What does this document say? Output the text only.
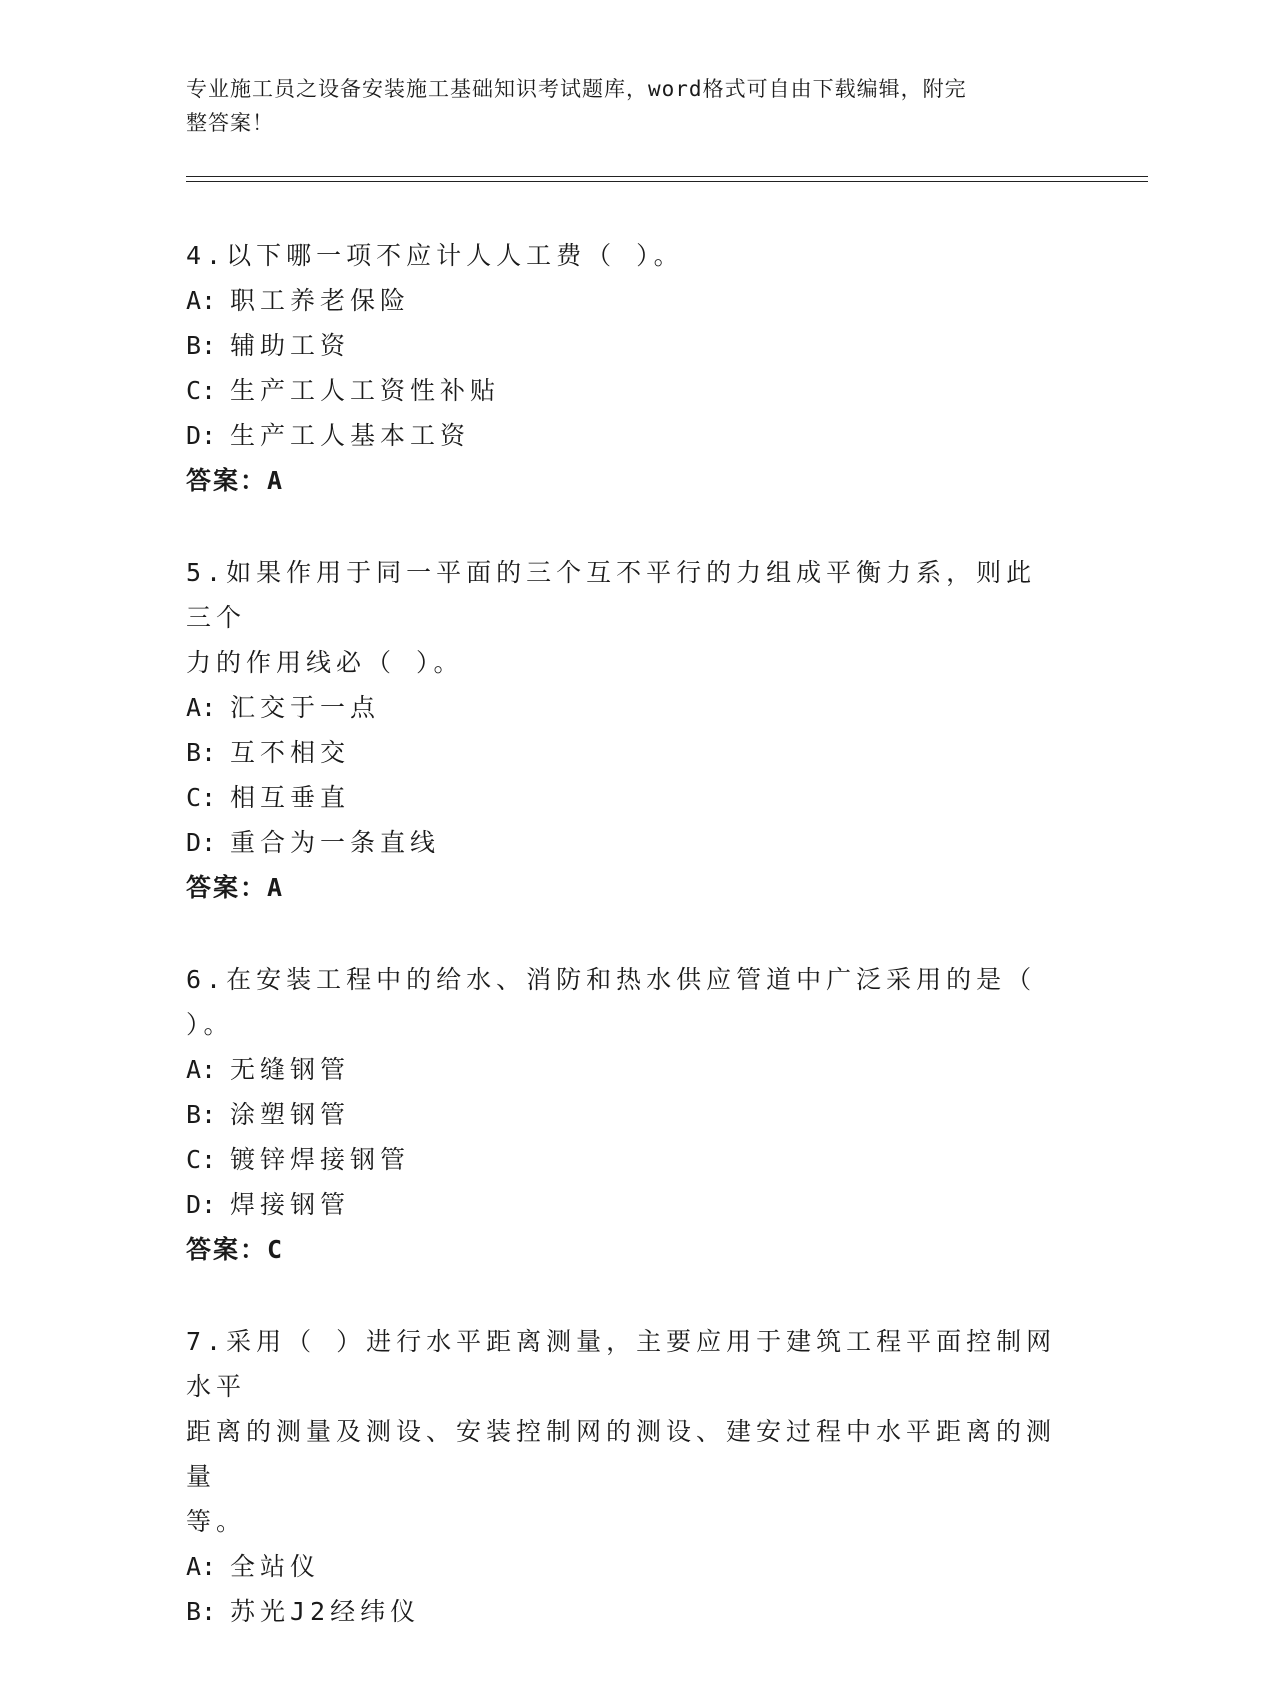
专业施工员之设备安装施工基础知识考试题库，word格式可自由下载编辑，附完
整答案！
4.以下哪一项不应计人人工费（ ）。
A: 职工养老保险
B: 辅助工资
C: 生产工人工资性补贴
D: 生产工人基本工资
答案：A
5.如果作用于同一平面的三个互不平行的力组成平衡力系，则此三个
力的作用线必（ ）。
A: 汇交于一点
B: 互不相交
C: 相互垂直
D: 重合为一条直线
答案：A
6.在安装工程中的给水、消防和热水供应管道中广泛采用的是（ ）。
A: 无缝钢管
B: 涂塑钢管
C: 镀锌焊接钢管
D: 焊接钢管
答案：C
7.采用（ ）进行水平距离测量，主要应用于建筑工程平面控制网水平
距离的测量及测设、安装控制网的测设、建安过程中水平距离的测量
等。
A: 全站仪
B: 苏光J2经纬仪
